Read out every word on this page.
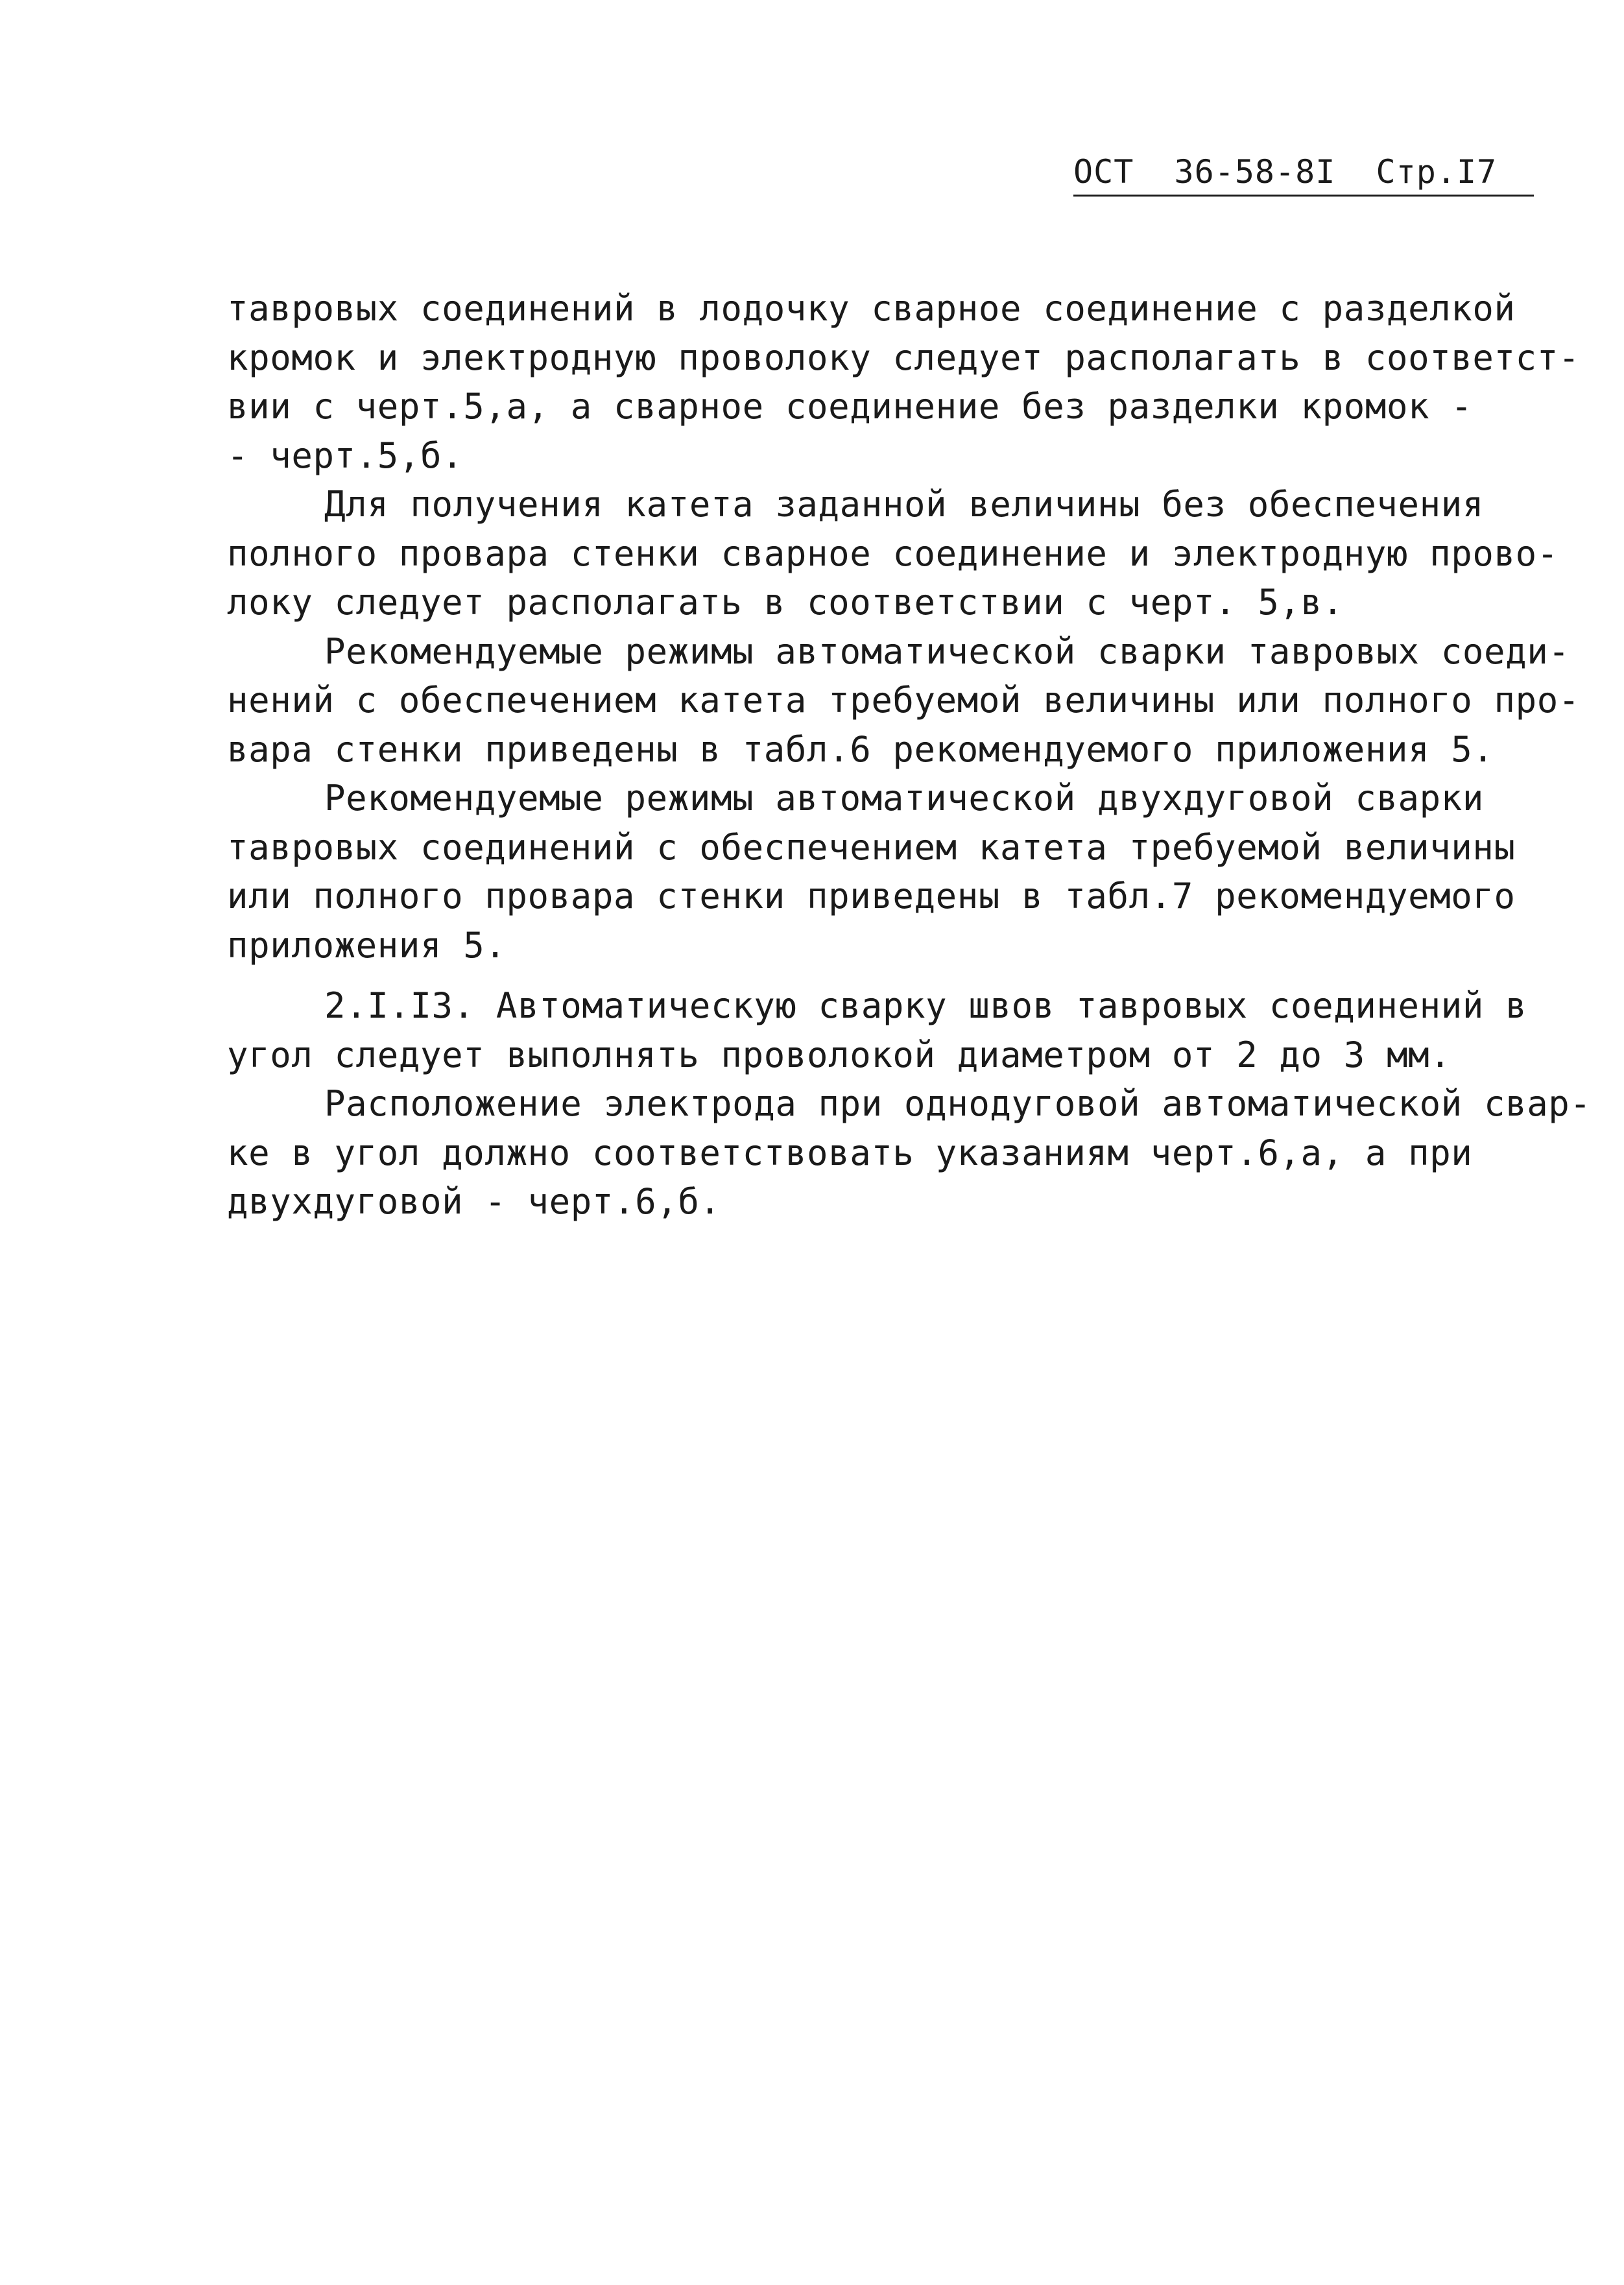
ОСТ  36-58-8I  Стр.I7
тавровых соединений в лодочку сварное соединение с разделкой
кромок и электродную проволоку следует располагать в соответст-
вии с черт.5,а, а сварное соединение без разделки кромок -
- черт.5,б.
Для получения катета заданной величины без обеспечения
полного провара стенки сварное соединение и электродную прово-
локу следует располагать в соответствии с черт. 5,в.
Рекомендуемые режимы автоматической сварки тавровых соеди-
нений с обеспечением катета требуемой величины или полного про-
вара стенки приведены в табл.6 рекомендуемого приложения 5.
Рекомендуемые режимы автоматической двухдуговой сварки
тавровых соединений с обеспечением катета требуемой величины
или полного провара стенки приведены в табл.7 рекомендуемого
приложения 5.
2.I.I3. Автоматическую сварку швов тавровых соединений в
угол следует выполнять проволокой диаметром от 2 до 3 мм.
Расположение электрода при однодуговой автоматической свар-
ке в угол должно соответствовать указаниям черт.6,а, а при
двухдуговой - черт.6,б.
